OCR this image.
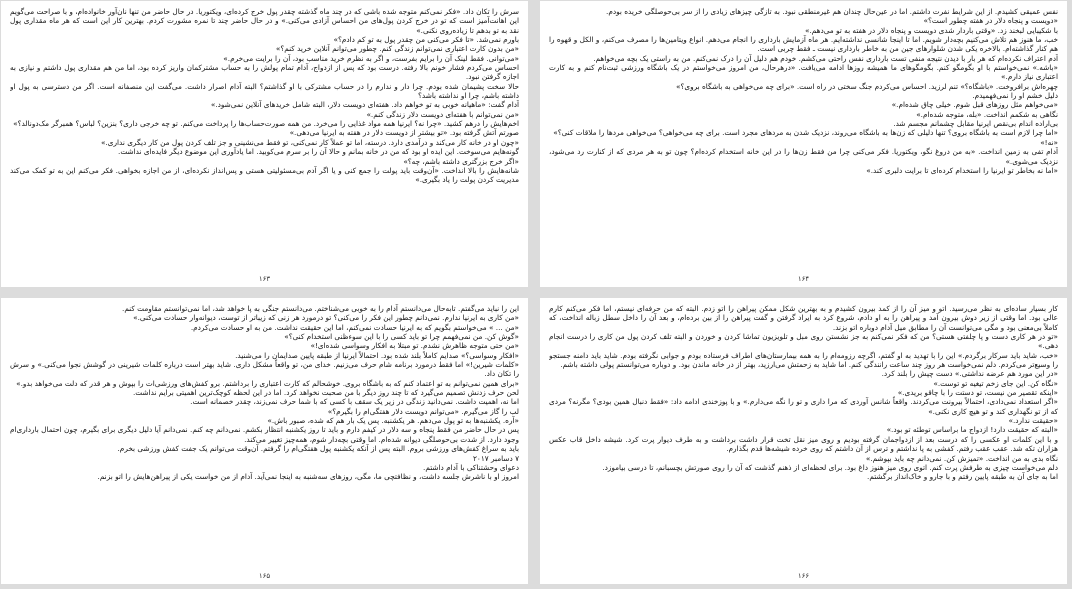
نفس عمیقی کشیدم. از این شرایط نفرت داشتم. اما در عین‌حال چندان هم غیرمنطقی نبود. به تازگی چیزهای زیادی را از سر بی‌حوصلگی خریده بودم.

«دویست و پنجاه دلار در هفته چطور است؟»

با شکیبایی لبخند زد. «وقتی باردار شدی دویست و پنجاه دلار در هفته به تو می‌دهم.»

خب، ما هنوز هم تلاش می‌کنیم بچه‌دار شویم. اما تا اینجا شانسی نداشته‌ایم. هر ماه آزمایش بارداری را انجام می‌دهم. انواع ویتامین‌ها را مصرف می‌کنم، و الکل و قهوه را هم کنار گذاشته‌ام. بالاخره یکی شدن شلوارهای جین من به خاطر بارداری نیست ـ فقط چربی است.

آدم اعتراف نکرده‌ام که هر بار با دیدن نتیجه منفی تست بارداری نفس راحتی می‌کشم. خودم هم دلیل آن را درک نمی‌کنم. من به راستی یک بچه می‌خواهم.

«باشه.» نمی‌خواستم با او بگومگو کنم. بگومگوهای ما همیشه روزها ادامه می‌یافت. «درهرحال، من امروز می‌خواستم در یک باشگاه ورزشی ثبت‌نام کنم و به کارت اعتباری نیاز دارم.»

چهره‌اش برافروخت. «باشگاه؟» تنم لرزید. احساس می‌کردم جنگ سختی در راه است. «برای چه می‌خواهی به باشگاه بروی؟»

دلیل خشم او را نمی‌فهمیدم.

«می‌خواهم مثل روزهای قبل شوم. خیلی چاق شده‌ام.»

نگاهی به شکمم انداخت. «بله، متوجه شده‌ام.»

بی‌اراده اندام بی‌نقص ایرنیا مقابل چشمانم مجسم شد.

«اما چرا لازم است به باشگاه بروی؟ تنها دلیلی که زن‌ها به باشگاه می‌روند، نزدیک شدن به مردهای مجرد است. برای چه می‌خواهی؟ می‌خواهی مردها را ملاقات کنی؟»

«نه!»

آدام تفی به زمین انداخت. «به من دروغ نگو، ویکتوریا. فکر می‌کنی چرا من فقط زن‌ها را در این خانه استخدام کرده‌ام؟ چون تو به هر مردی که از کنارت رد می‌شود، نزدیک می‌شوی.»

«اما نه بخاطر تو ایرنیا را استخدام کرده‌ای تا برایت دلبری کند.»

۱۶۴

سرش را تکان داد. «فکر نمی‌کنم متوجه شده باشی که در چند ماه گذشته چقدر پول خرج کرده‌ای، ویکتوریا. در حال حاضر من تنها نان‌آور خانواده‌ام، و با صراحت می‌گویم این اهانت‌آمیز است که تو در خرج کردن پول‌های من احساس آزادی می‌کنی.» و در حال حاضر چند تا نمره مشورت کردم. بهترین کار این است که هر ماه مقداری پول نقد به تو بدهم تا زیاده‌روی نکنی.»

باورم نمی‌شد. «تا فکر می‌کنی من چقدر پول به تو کم دادم؟»

«من بدون کارت اعتباری نمی‌توانم زندگی کنم. چطور می‌توانم آنلاین خرید کنم؟»

«می‌توانی. فقط لینک آن را برایم بفرست، و اگر به نظرم خرید مناسب بود، آن را برایت می‌خرم.»

احساس می‌کردم فشار خونم بالا رفته. درست بود که پس از ازدواج، آدام تمام پولش را به حساب مشترکمان واریز کرده بود، اما من هم مقداری پول داشتم و نیازی به اجازه گرفتن نبود.

حالا سخت پشیمان شده بودم. چرا دار و ندارم را در حساب مشترکی با او گذاشتم؟ البته آدام اصرار داشت. می‌گفت این منصفانه است. اگر من دسترسی به پول او داشته باشم، چرا او نداشته باشد؟

آدام گفت: «ماهیانه خوبی به تو خواهم داد. هفته‌ای دویست دلار، البته شامل خریدهای آنلاین نمی‌شود.»

«من نمی‌توانم با هفته‌ای دویست دلار زندگی کنم.»

اخم‌هایش را درهم کشید. «چرا نه؟ ایرنیا همه مواد غذایی را می‌خرد. من همه صورت‌حساب‌ها را پرداخت می‌کنم. تو چه خرجی داری؟ بنزین؟ لباس؟ همبرگر مک‌دونالد؟»

صورتم آتش گرفته بود. «تو بیشتر از دویست دلار در هفته به ایرنیا می‌دهی.»

«چون او در خانه کار می‌کند و درآمدی دارد. درسته، اما تو عملاً کار نمی‌کنی، تو فقط می‌نشینی و جز تلف کردن پول من کار دیگری نداری.»

گونه‌هایم می‌سوخت. این ایده او بود که من در خانه بمانم و حالا آن را بر سرم می‌کوبید. اما یادآوری این موضوع دیگر فایده‌ای نداشت.

«اگر خرج بزرگتری داشته باشم، چه؟»

شانه‌هایش را بالا انداخت. «آن‌وقت باید پولت را جمع کنی و یا اگر آدم بی‌مسئولیتی هستی و پس‌انداز نکرده‌ای، از من اجازه بخواهی. فکر می‌کنم این به تو کمک می‌کند مدیریت کردن پولت را یاد بگیری.»

۱۶۳

کار بسیار ساده‌ای به نظر می‌رسید. اتو و میز آن را از کمد بیرون کشیدم و به بهترین شکل ممکن پیراهن را اتو زدم. البته که من حرفه‌ای نیستم، اما فکر می‌کنم کارم عالی بود. اما وقتی از زیر دوش بیرون آمد و پیراهن را به او دادم، شروع کرد به ایراد گرفتن و گفت پیراهن را از بین برده‌ام، و بعد آن را داخل سطل زباله انداخت، که کاملاً بی‌معنی بود و مگی می‌توانست آن را مطابق میل آدام دوباره اتو بزند.

«تو در هر کاری دست و پا چلفتی هستی؟ من که فکر نمی‌کنم به جز نشستن روی مبل و تلویزیون تماشا کردن و خوردن و البته تلف کردن پول من کاری را درست انجام دهی.»

«خب، شاید باید سرکار برگردم.» این را با تهدید به او گفتم، اگرچه رزومه‌ام را به همه بیمارستان‌های اطراف فرستاده بودم و جوابی نگرفته بودم. شاید باید دامنه جستجو را وسیع‌تر می‌کردم. دلم نمی‌خواست هر روز چند ساعت رانندگی کنم. اما شاید به زحمتش می‌ارزید، بهتر از در خانه ماندن بود. و دوباره می‌توانستم پولی داشته باشم.

«در این مورد هم عرضه نداشتی.» دست چپش را بلند کرد.

«نگاه کن. این جای زخم تیغیه تو توست.»

«اینکه تقصیر من نیست، تو دستت را با چاقو بریدی.»

«اگر استعداد نمی‌دادی، احتمالاً بیرونت می‌کردند. واقعاً شانس آوردی که مرا داری و تو را نگه می‌دارم.» و با پوزخندی ادامه داد: «فقط دنبال همین بودی؟ مگرنه؟ مردی که از تو نگهداری کند و تو هیچ کاری نکنی.»

«حقیقت ندارد.»

«البته که حقیقت دارد! ازدواج ما براساس توطئه تو بود.»

و با این کلمات او عکسی را که درست بعد از ازدواجمان گرفته بودیم و روی میز نقل تخت قرار داشت برداشت و به طرف دیوار پرت کرد. شیشه داخل قاب عکس هزاران تکه شد. عقب عقب رفتم. کفشی به پا نداشتم و ترس از آن داشتم که روی خرده شیشه‌ها قدم بگذارم.

نگاه بدی به من انداخت. «تمیزش کن. نمی‌دانم چه باید بپوشم.»

دلم می‌خواست چیزی به طرفش پرت کنم. اتوی روی میز هنوز داغ بود. برای لحظه‌ای از ذهنم گذشت که آن را روی صورتش بچسبانم، تا درسی بیاموزد.

اما به جای آن به طبقه پایین رفتم و با جارو و خاک‌انداز برگشتم.

۱۶۶

این را نباید می‌گفتم. تابه‌حال می‌دانستم آدام را به خوبی می‌شناختم. می‌دانستم جنگی به پا خواهد شد، اما نمی‌توانستم مقاومت کنم.

«من کاری به ایرنیا ندارم. نمی‌دانم چطور این فکر را می‌کنی؟ تو درمورد هر زنی که زیباتر از توست، دیوانه‌وار حسادت می‌کنی.»

«من ... » می‌خواستم بگویم که به ایرنیا حسادت نمی‌کنم، اما این حقیقت نداشت. من به او حسادت می‌کردم.

«گوش کن. من نمی‌فهمم چرا تو باید کسی را با این سوءظنی استخدام کنی؟»

«من حتی متوجه ظاهرش نشدم. تو مبتلا به افکار وسواسی شده‌ای!»

«افکار وسواسی؟» صدایم کاملاً بلند شده بود. احتمالاً ایرنیا از طبقه پایین صدایمان را می‌شنید.

«کلمات شیرین!» اما فقط درمورد برنامه شام حرف می‌زنیم. خدای من، تو واقعاً مشکل داری. شاید بهتر است درباره کلمات شیرینی در گوشش نجوا می‌کنی.» و سرش را تکان داد.

«برای همین نمی‌توانم به تو اعتماد کنم که به باشگاه بروی. خوشحالم که کارت اعتباری را برداشتم. برو کفش‌های ورزشی‌ات را بپوش و هر قدر که دلت می‌خواهد بدو.»

لحن حرف زدنش تصمیم می‌گیرد که تا چند روز دیگر با من صحبت نخواهد کرد. اما در این لحظه کوچک‌ترین اهمیتی برایم نداشت.

اما نه، اهمیت داشت. نمی‌دانید زندگی در زیر یک سقف با کسی که با شما حرف نمی‌زند، چقدر خصمانه است.

لب را گاز می‌گیرم. «می‌توانم دویست دلار هفتگی‌ام را بگیرم؟»

«آره. یکشنبه‌ها به تو پول می‌دهم. هر یکشنبه. پس یک بار هم که شده، صبور باش.»

پس در حال حاضر من فقط پنجاه و سه دلار در کیفم دارم و باید تا روز یکشنبه انتظار بکشم. نمی‌دانم چه کنم. نمی‌دانم آیا دلیل دیگری برای بگیرم، چون احتمال بارداری‌ام وجود دارد. از شدت بی‌حوصلگی دیوانه شده‌ام. اما وقتی بچه‌دار شوم، همه‌چیز تغییر می‌کند.

باید به سراغ کفش‌های ورزشی بروم. البته پس از آنکه یکشنبه پول هفتگی‌ام را گرفتم. آن‌وقت می‌توانم یک جفت کفش ورزشی بخرم.

۷ دسامبر ۲۰۱۷

دعوای وحشتناکی با آدام داشتم.

امروز او با ناشرش جلسه داشت، و نظافتچی ما، مگی، روزهای سه‌شنبه به اینجا نمی‌آید. آدام از من خواست یکی از پیراهن‌هایش را اتو بزنم.

۱۶۵
